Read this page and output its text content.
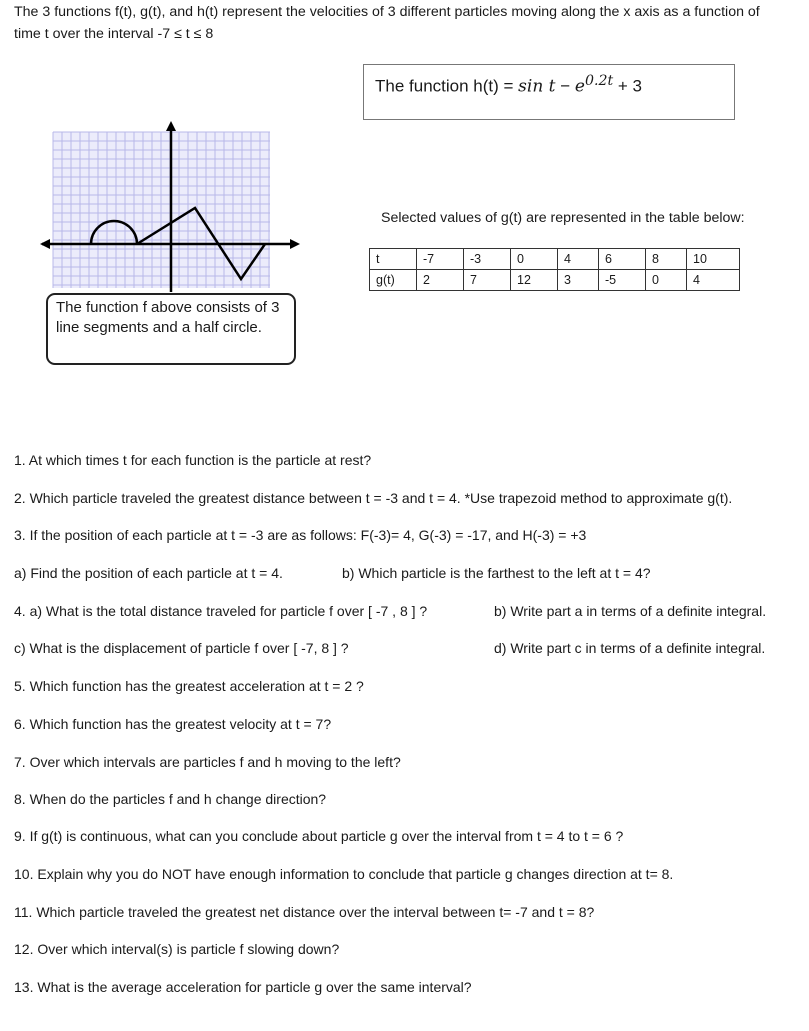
The 3 functions f(t), g(t), and h(t) represent the velocities of 3 different particles moving along the x axis as a function of
time t over the interval -7 ≤ t ≤ 8
The function $h(t) = \sin t - e^{0.2t} + 3$
The function f above consists of 3 line segments and a half circle.
Selected values of g(t) are represented in the table below:
t	-7	-3	0	4	6	8	10
g(t)	2	7	12	3	-5	0	4
1. At which times t for each function is the particle at rest?
2. Which particle traveled the greatest distance between t = -3 and t = 4. *Use trapezoid method to approximate g(t).
3. If the position of each particle at t = -3 are as follows: F(-3)= 4, G(-3) = -17, and H(-3) = +3
a) Find the position of each particle at t = 4.	b) Which particle is the farthest to the left at t = 4?
4. a) What is the total distance traveled for particle f over [ -7 , 8 ] ?	b) Write part a in terms of a definite integral.
c) What is the displacement of particle f over [ -7, 8 ] ?	d) Write part c in terms of a definite integral.
5. Which function has the greatest acceleration at t = 2 ?
6. Which function has the greatest velocity at t = 7?
7. Over which intervals are particles f and h moving to the left?
8. When do the particles f and h change direction?
9. If g(t) is continuous, what can you conclude about particle g over the interval from t = 4 to t = 6 ?
10. Explain why you do NOT have enough information to conclude that particle g changes direction at t= 8.
11. Which particle traveled the greatest net distance over the interval between t= -7 and t = 8?
12. Over which interval(s) is particle f slowing down?
13. What is the average acceleration for particle g over the same interval?
